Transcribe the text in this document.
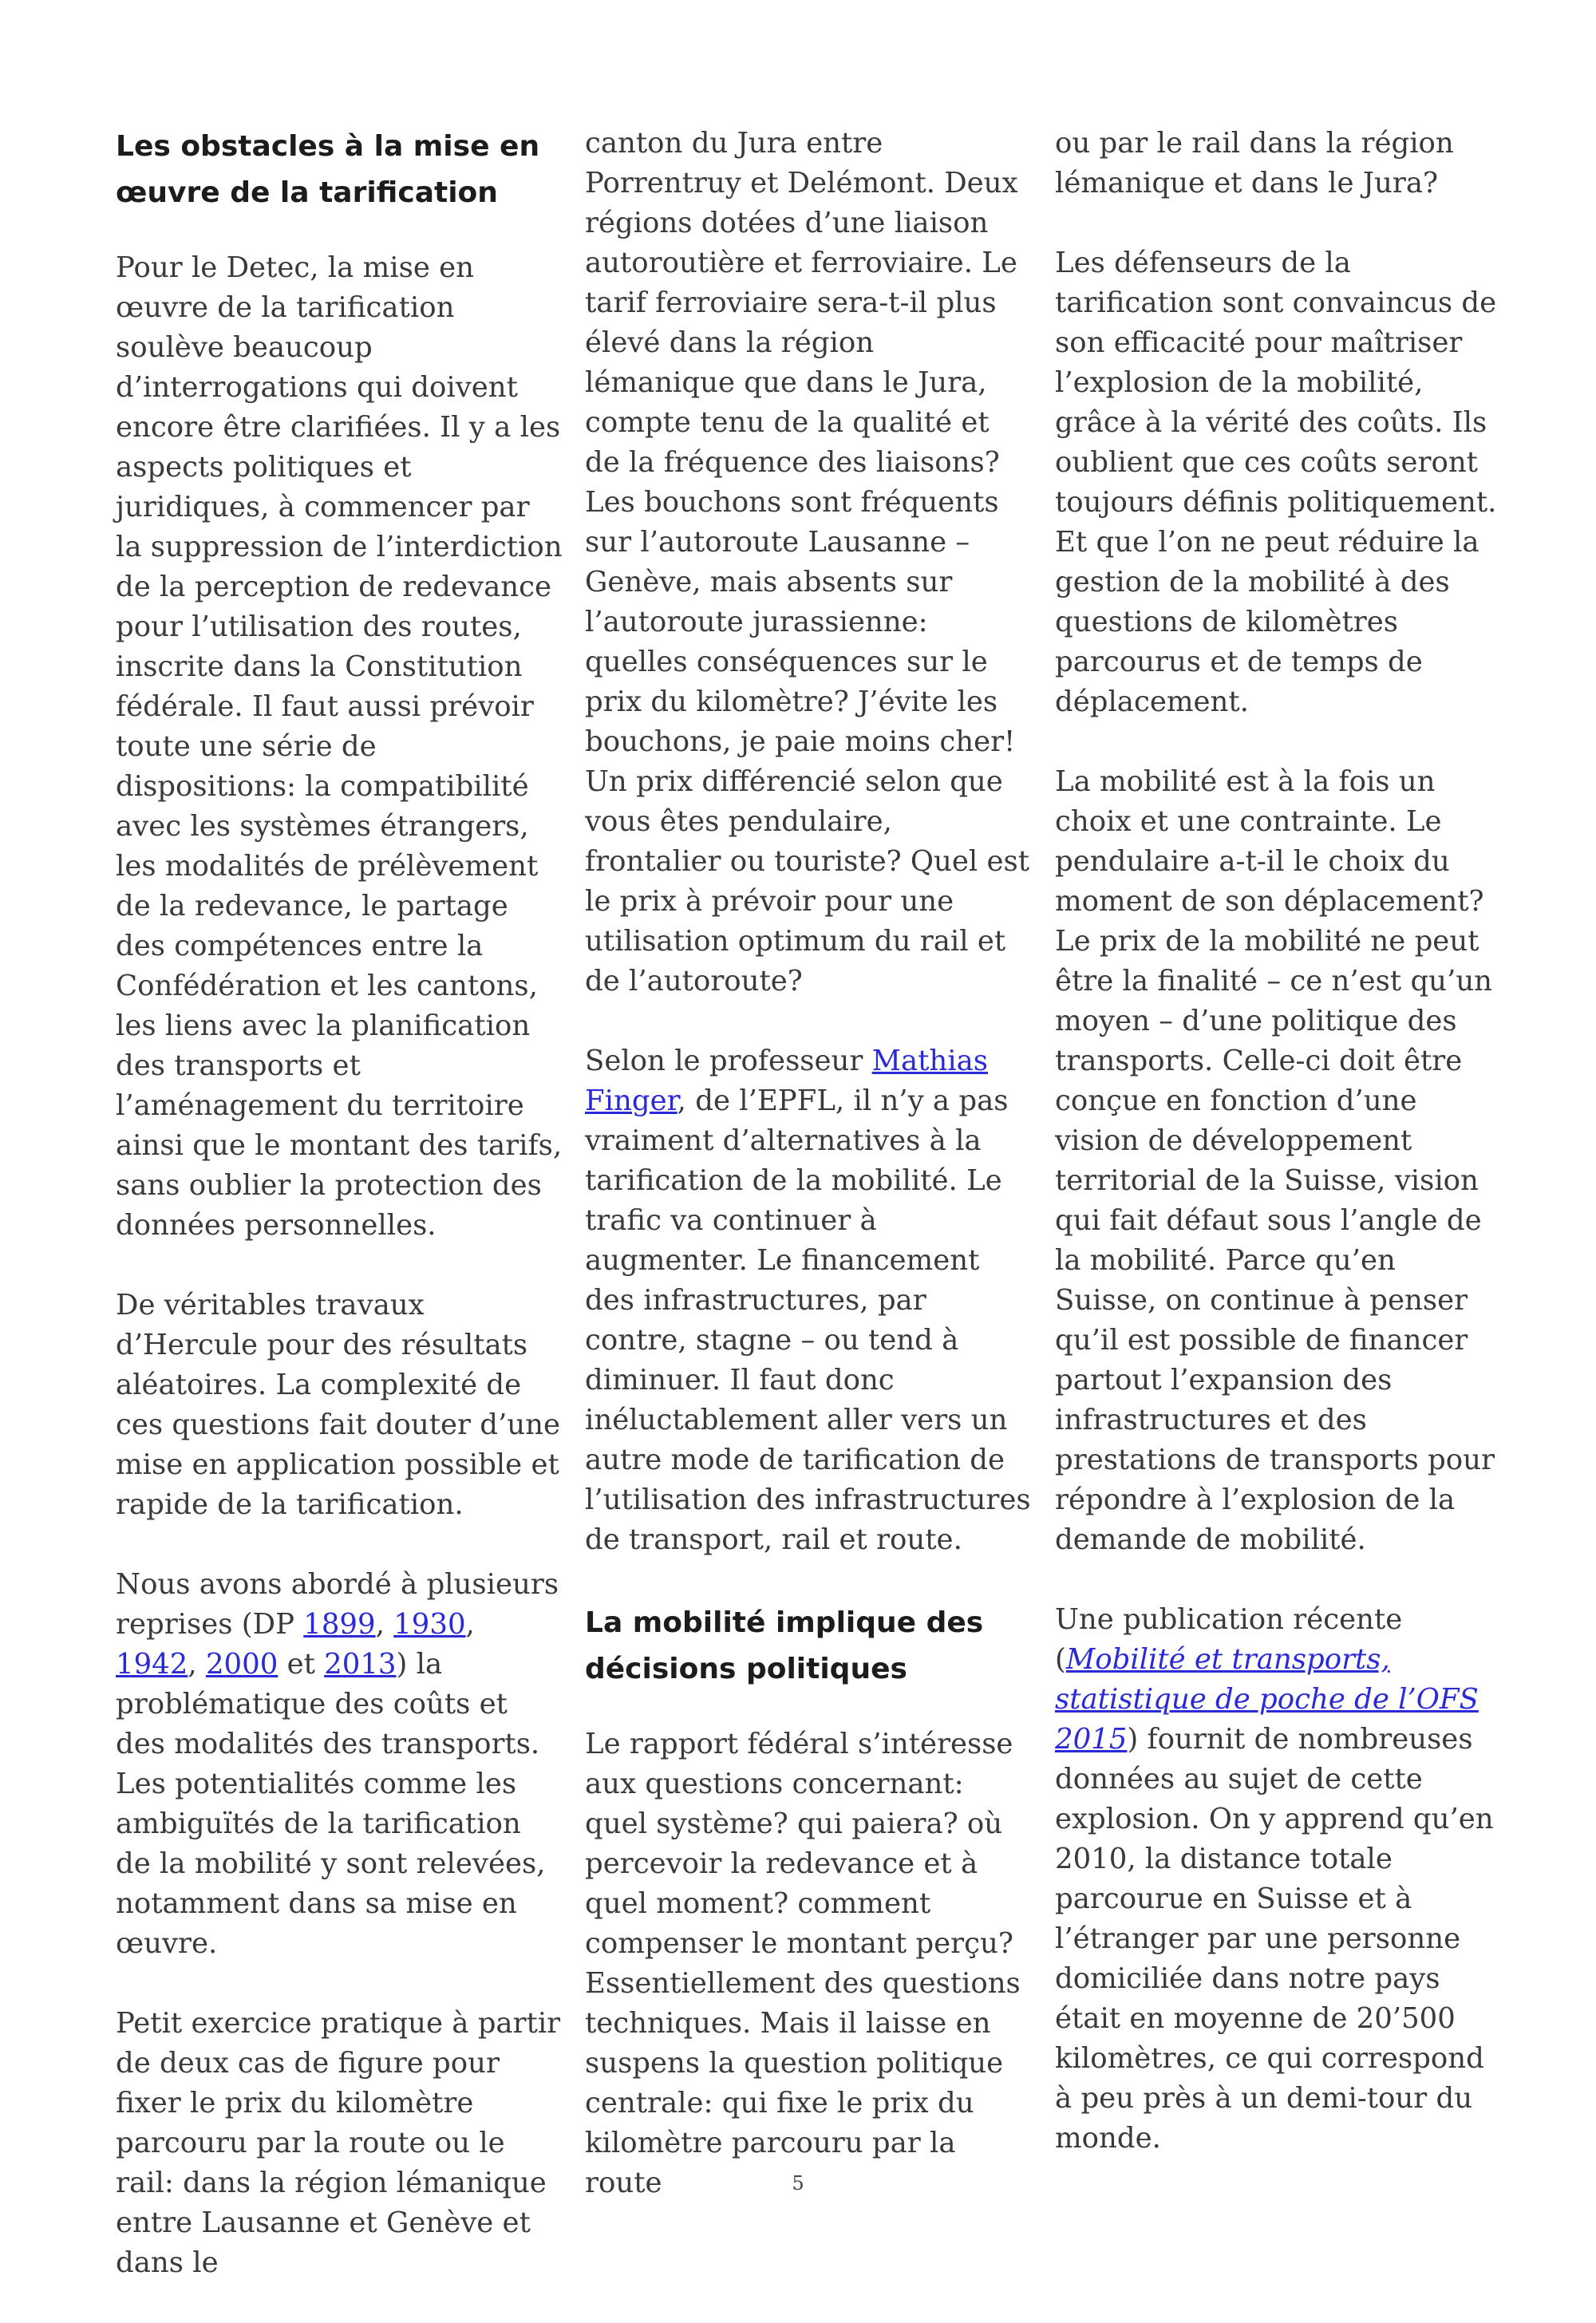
Les obstacles à la mise en œuvre de la tarification

Pour le Detec, la mise en œuvre de la tarification soulève beaucoup d’interrogations qui doivent encore être clarifiées. Il y a les aspects politiques et juridiques, à commencer par la suppression de l’interdiction de la perception de redevance pour l’utilisation des routes, inscrite dans la Constitution fédérale. Il faut aussi prévoir toute une série de dispositions: la compatibilité avec les systèmes étrangers, les modalités de prélèvement de la redevance, le partage des compétences entre la Confédération et les cantons, les liens avec la planification des transports et l’aménagement du territoire ainsi que le montant des tarifs, sans oublier la protection des données personnelles.

De véritables travaux d’Hercule pour des résultats aléatoires. La complexité de ces questions fait douter d’une mise en application possible et rapide de la tarification.

Nous avons abordé à plusieurs reprises (DP 1899, 1930, 1942, 2000 et 2013) la problématique des coûts et des modalités des transports. Les potentialités comme les ambiguïtés de la tarification de la mobilité y sont relevées, notamment dans sa mise en œuvre.

Petit exercice pratique à partir de deux cas de figure pour fixer le prix du kilomètre parcouru par la route ou le rail: dans la région lémanique entre Lausanne et Genève et dans le

canton du Jura entre Porrentruy et Delémont. Deux régions dotées d’une liaison autoroutière et ferroviaire. Le tarif ferroviaire sera-t-il plus élevé dans la région lémanique que dans le Jura, compte tenu de la qualité et de la fréquence des liaisons? Les bouchons sont fréquents sur l’autoroute Lausanne – Genève, mais absents sur l’autoroute jurassienne: quelles conséquences sur le prix du kilomètre? J’évite les bouchons, je paie moins cher! Un prix différencié selon que vous êtes pendulaire, frontalier ou touriste? Quel est le prix à prévoir pour une utilisation optimum du rail et de l’autoroute?

Selon le professeur Mathias Finger, de l’EPFL, il n’y a pas vraiment d’alternatives à la tarification de la mobilité. Le trafic va continuer à augmenter. Le financement des infrastructures, par contre, stagne – ou tend à diminuer. Il faut donc inéluctablement aller vers un autre mode de tarification de l’utilisation des infrastructures de transport, rail et route.

La mobilité implique des décisions politiques

Le rapport fédéral s’intéresse aux questions concernant: quel système? qui paiera? où percevoir la redevance et à quel moment? comment compenser le montant perçu? Essentiellement des questions techniques. Mais il laisse en suspens la question politique centrale: qui fixe le prix du kilomètre parcouru par la route

ou par le rail dans la région lémanique et dans le Jura?

Les défenseurs de la tarification sont convaincus de son efficacité pour maîtriser l’explosion de la mobilité, grâce à la vérité des coûts. Ils oublient que ces coûts seront toujours définis politiquement. Et que l’on ne peut réduire la gestion de la mobilité à des questions de kilomètres parcourus et de temps de déplacement.

La mobilité est à la fois un choix et une contrainte. Le pendulaire a-t-il le choix du moment de son déplacement? Le prix de la mobilité ne peut être la finalité – ce n’est qu’un moyen – d’une politique des transports. Celle-ci doit être conçue en fonction d’une vision de développement territorial de la Suisse, vision qui fait défaut sous l’angle de la mobilité. Parce qu’en Suisse, on continue à penser qu’il est possible de financer partout l’expansion des infrastructures et des prestations de transports pour répondre à l’explosion de la demande de mobilité.

Une publication récente (Mobilité et transports, statistique de poche de l’OFS 2015) fournit de nombreuses données au sujet de cette explosion. On y apprend qu’en 2010, la distance totale parcourue en Suisse et à l’étranger par une personne domiciliée dans notre pays était en moyenne de 20’500 kilomètres, ce qui correspond à peu près à un demi-tour du monde.

5
